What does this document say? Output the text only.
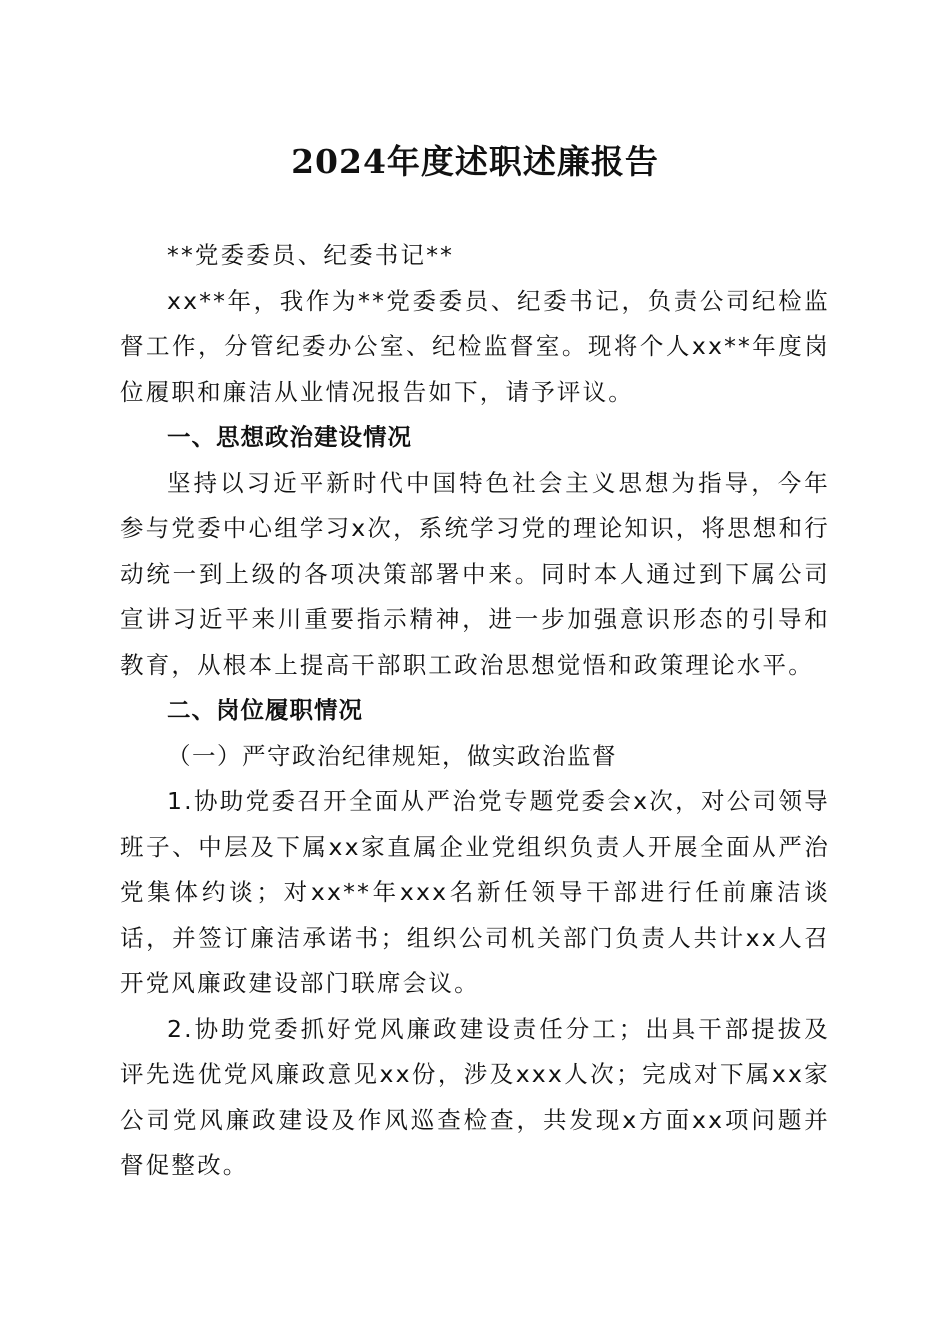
2024年度述职述廉报告

**党委委员、纪委书记**

xx**年，我作为**党委委员、纪委书记，负责公司纪检监督工作，分管纪委办公室、纪检监督室。现将个人xx**年度岗位履职和廉洁从业情况报告如下，请予评议。

一、思想政治建设情况

坚持以习近平新时代中国特色社会主义思想为指导，今年参与党委中心组学习x次，系统学习党的理论知识，将思想和行动统一到上级的各项决策部署中来。同时本人通过到下属公司宣讲习近平来川重要指示精神，进一步加强意识形态的引导和教育，从根本上提高干部职工政治思想觉悟和政策理论水平。

二、岗位履职情况

（一）严守政治纪律规矩，做实政治监督

1.协助党委召开全面从严治党专题党委会x次，对公司领导班子、中层及下属xx家直属企业党组织负责人开展全面从严治党集体约谈；对xx**年xxx名新任领导干部进行任前廉洁谈话，并签订廉洁承诺书；组织公司机关部门负责人共计xx人召开党风廉政建设部门联席会议。

2.协助党委抓好党风廉政建设责任分工；出具干部提拔及评先选优党风廉政意见xx份，涉及xxx人次；完成对下属xx家公司党风廉政建设及作风巡查检查，共发现x方面xx项问题并督促整改。
